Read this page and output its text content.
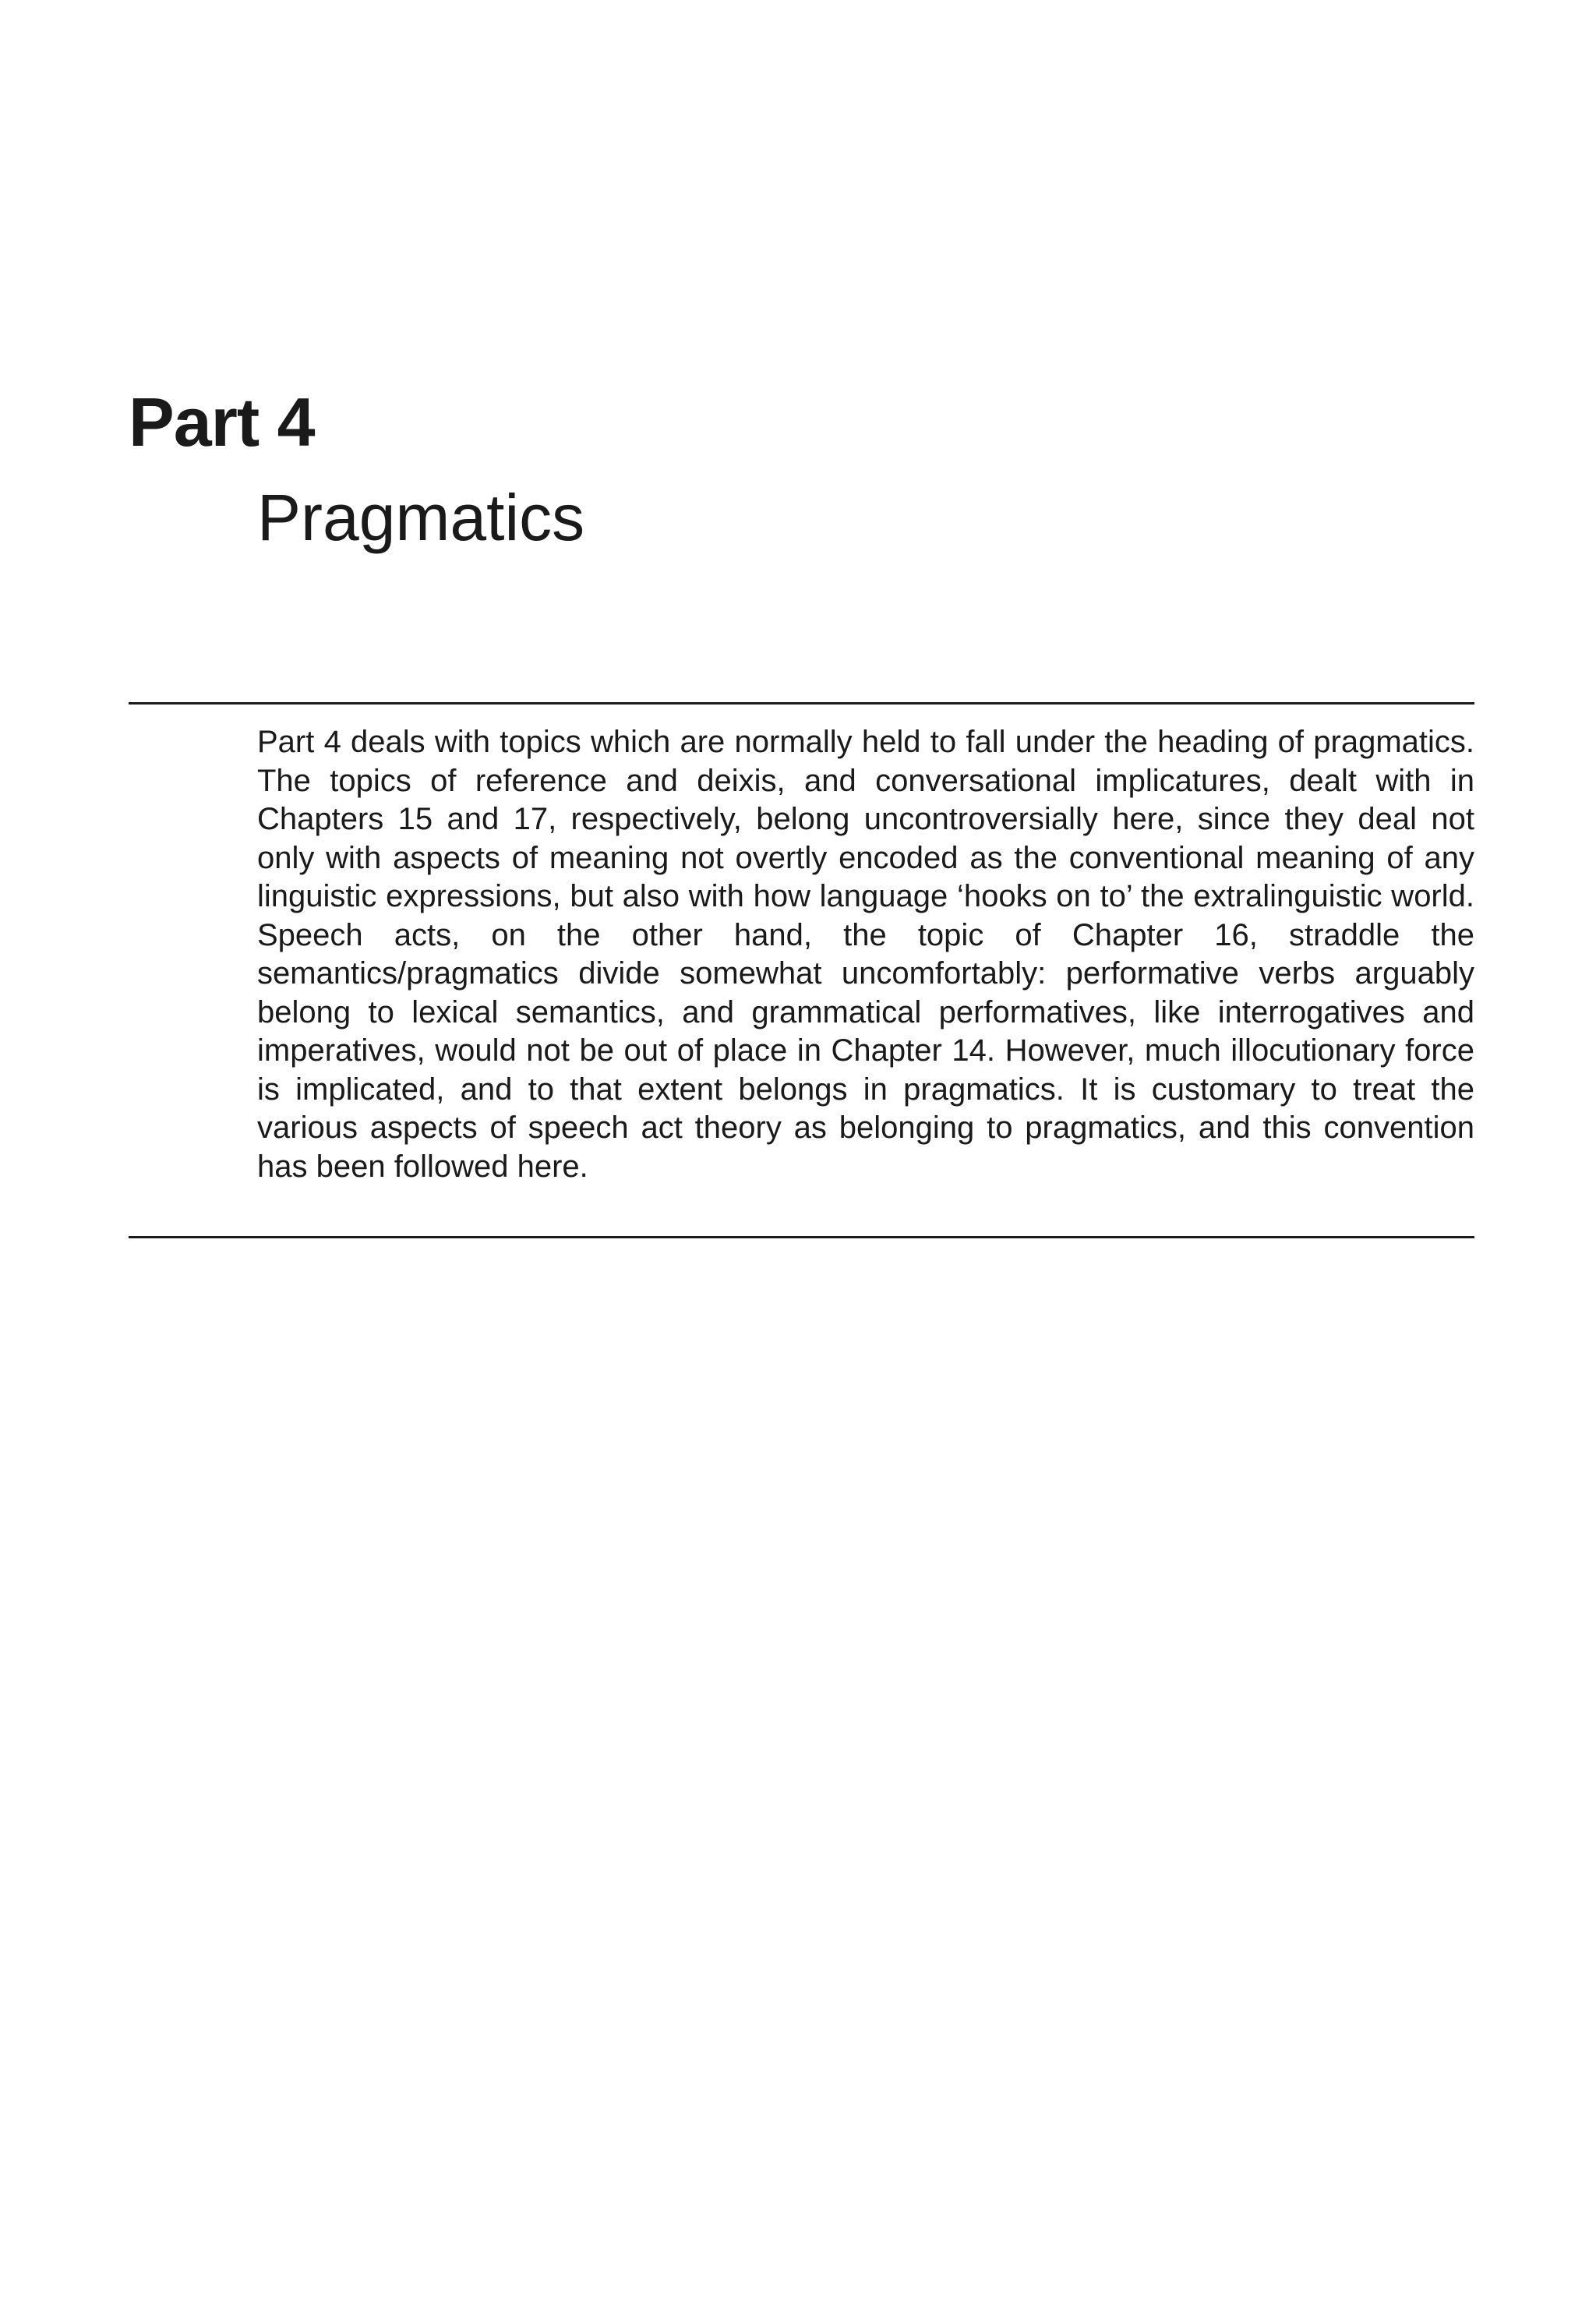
Part 4
Pragmatics

Part 4 deals with topics which are normally held to fall under the heading of pragmatics. The topics of reference and deixis, and conversational implicatures, dealt with in Chapters 15 and 17, respectively, belong uncontroversially here, since they deal not only with aspects of meaning not overtly encoded as the conventional meaning of any linguistic expressions, but also with how language ‘hooks on to’ the extralinguistic world. Speech acts, on the other hand, the topic of Chapter 16, straddle the semantics/pragmatics divide somewhat uncomfortably: performative verbs arguably belong to lexical semantics, and grammatical performatives, like interrogatives and imperatives, would not be out of place in Chapter 14. However, much illocutionary force is implicated, and to that extent belongs in pragmatics. It is customary to treat the various aspects of speech act theory as belonging to pragmatics, and this convention has been followed here.
